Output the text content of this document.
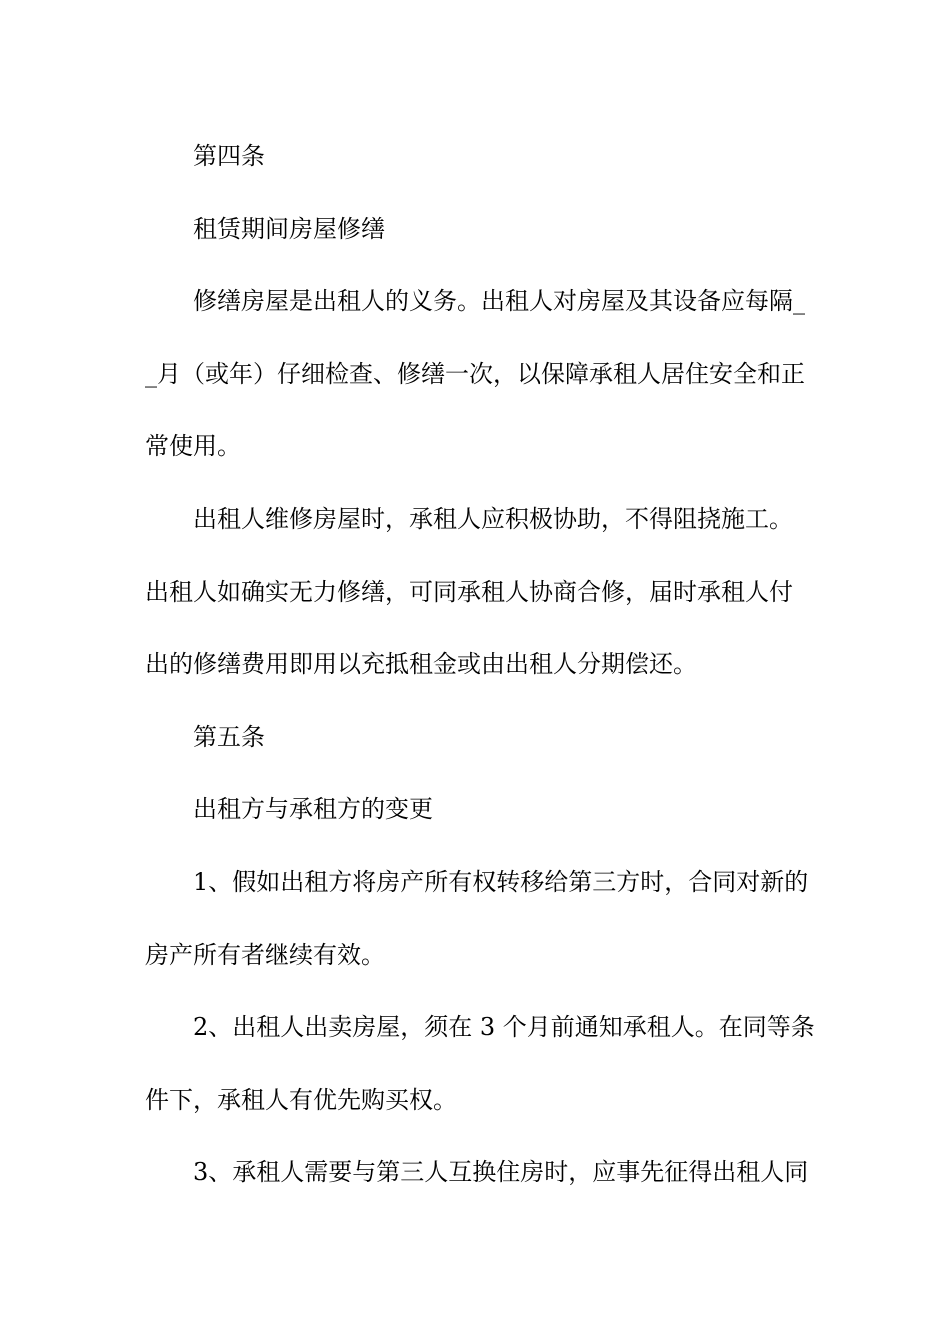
第四条
租赁期间房屋修缮
修缮房屋是出租人的义务。出租人对房屋及其设备应每隔_
_月（或年）仔细检查、修缮一次，以保障承租人居住安全和正
常使用。
出租人维修房屋时，承租人应积极协助，不得阻挠施工。
出租人如确实无力修缮，可同承租人协商合修，届时承租人付
出的修缮费用即用以充抵租金或由出租人分期偿还。
第五条
出租方与承租方的变更
1、假如出租方将房产所有权转移给第三方时，合同对新的
房产所有者继续有效。
2、出租人出卖房屋，须在 3 个月前通知承租人。在同等条
件下，承租人有优先购买权。
3、承租人需要与第三人互换住房时，应事先征得出租人同
